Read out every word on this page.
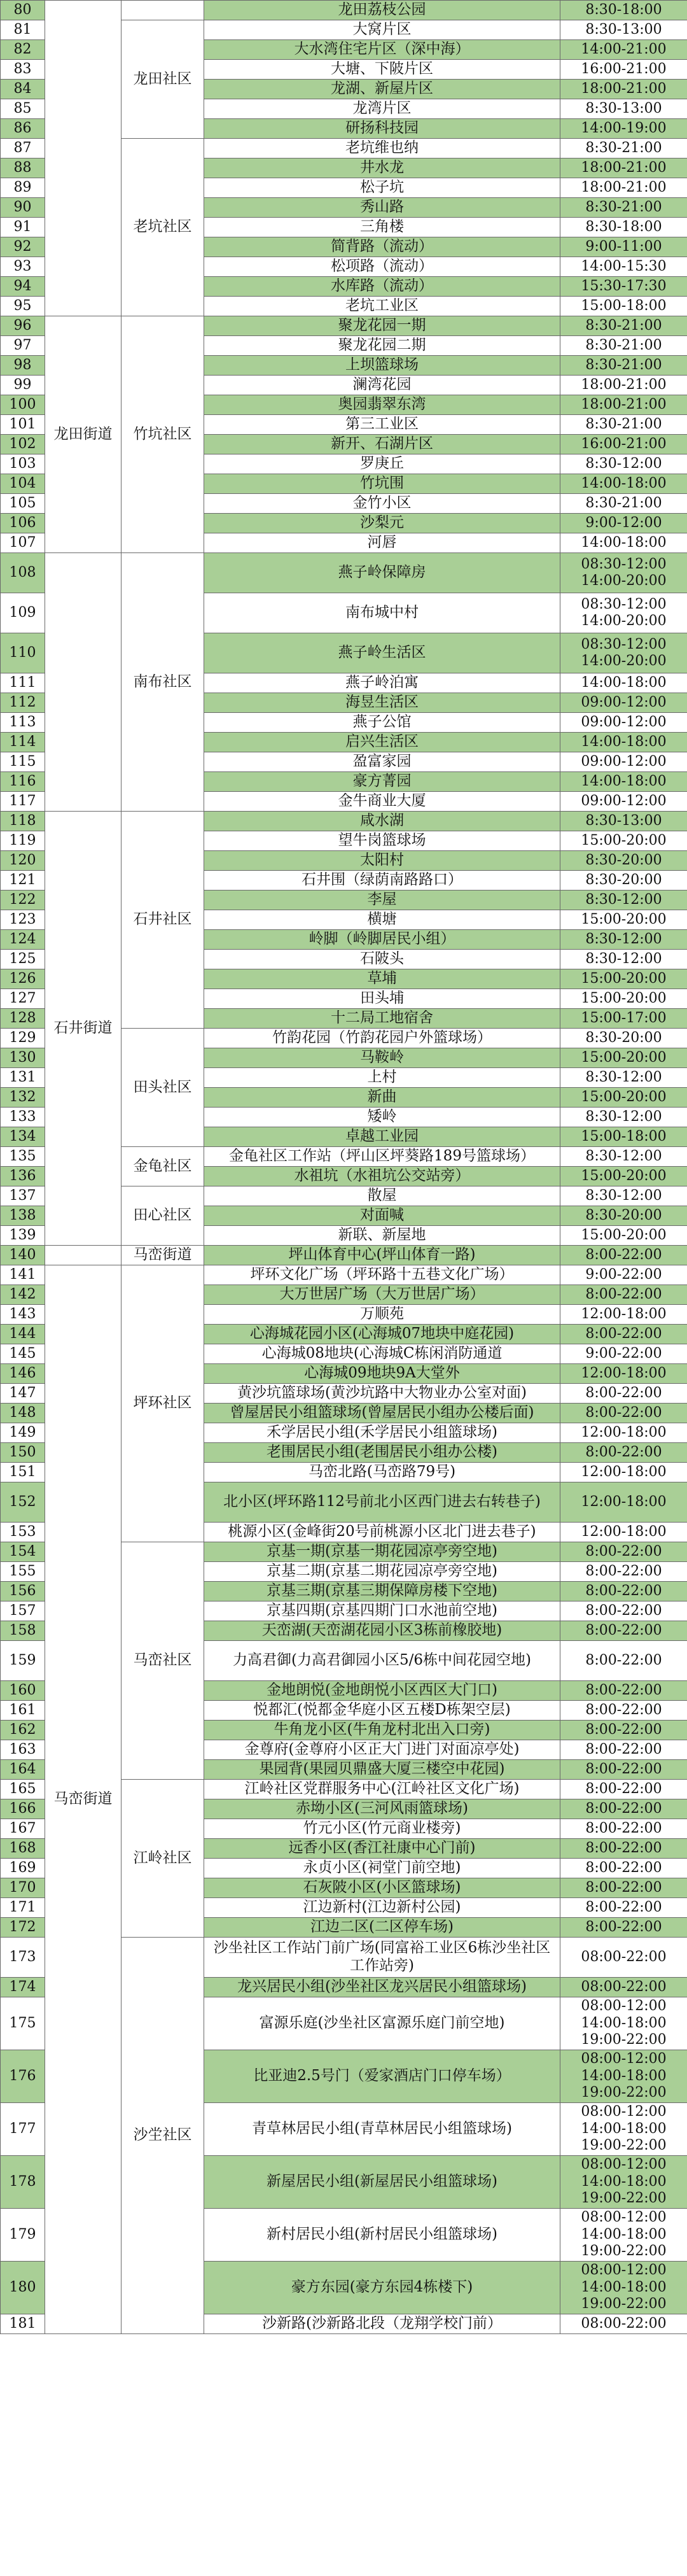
80			龙田荔枝公园	8:30-18:00
81		龙田社区	大窝片区	8:30-13:00
82			大水湾住宅片区（深中海）	14:00-21:00
83			大塘、下陂片区	16:00-21:00
84			龙湖、新屋片区	18:00-21:00
85			龙湾片区	8:30-13:00
86			研扬科技园	14:00-19:00
87		老坑社区	老坑维也纳	8:30-21:00
88			井水龙	18:00-21:00
89			松子坑	18:00-21:00
90			秀山路	8:30-21:00
91			三角楼	8:30-18:00
92			简背路（流动）	9:00-11:00
93			松项路（流动）	14:00-15:30
94			水库路（流动）	15:30-17:30
95			老坑工业区	15:00-18:00
96	龙田街道	竹坑社区	聚龙花园一期	8:30-21:00
97			聚龙花园二期	8:30-21:00
98			上坝篮球场	8:30-21:00
99			澜湾花园	18:00-21:00
100			奥园翡翠东湾	18:00-21:00
101			第三工业区	8:30-21:00
102			新开、石湖片区	16:00-21:00
103			罗庚丘	8:30-12:00
104			竹坑围	14:00-18:00
105			金竹小区	8:30-21:00
106			沙梨元	9:00-12:00
107			河唇	14:00-18:00
108		南布社区	燕子岭保障房	08:30-12:00
14:00-20:00
109			南布城中村	08:30-12:00
14:00-20:00
110			燕子岭生活区	08:30-12:00
14:00-20:00
111			燕子岭泊寓	14:00-18:00
112			海昱生活区	09:00-12:00
113			燕子公馆	09:00-12:00
114			启兴生活区	14:00-18:00
115			盈富家园	09:00-12:00
116			豪方菁园	14:00-18:00
117			金牛商业大厦	09:00-12:00
118	石井街道	石井社区	咸水湖	8:30-13:00
119			望牛岗篮球场	15:00-20:00
120			太阳村	8:30-20:00
121			石井围（绿荫南路路口）	8:30-20:00
122			李屋	8:30-12:00
123			横塘	15:00-20:00
124			岭脚（岭脚居民小组）	8:30-12:00
125			石陂头	8:30-12:00
126			草埔	15:00-20:00
127			田头埔	15:00-20:00
128			十二局工地宿舍	15:00-17:00
129		田头社区	竹韵花园（竹韵花园户外篮球场）	8:30-20:00
130			马鞍岭	15:00-20:00
131			上村	8:30-12:00
132			新曲	15:00-20:00
133			矮岭	8:30-12:00
134			卓越工业园	15:00-18:00
135		金龟社区	金龟社区工作站（坪山区坪葵路189号篮球场）	8:30-12:00
136			水祖坑（水祖坑公交站旁）	15:00-20:00
137		田心社区	散屋	8:30-12:00
138			对面喊	8:30-20:00
139			新联、新屋地	15:00-20:00
140		马峦街道	坪山体育中心(坪山体育一路)	8:00-22:00
141	马峦街道	坪环社区	坪环文化广场（坪环路十五巷文化广场）	9:00-22:00
142			大万世居广场（大万世居广场）	8:00-22:00
143			万顺苑	12:00-18:00
144			心海城花园小区(心海城07地块中庭花园)	8:00-22:00
145			心海城08地块(心海城C栋闲消防通道	9:00-22:00
146			心海城09地块9A大堂外	12:00-18:00
147			黄沙坑篮球场(黄沙坑路中大物业办公室对面)	8:00-22:00
148			曾屋居民小组篮球场(曾屋居民小组办公楼后面)	8:00-22:00
149			禾学居民小组(禾学居民小组篮球场)	12:00-18:00
150			老围居民小组(老围居民小组办公楼)	8:00-22:00
151			马峦北路(马峦路79号)	12:00-18:00
152			北小区(坪环路112号前北小区西门进去右转巷子)	12:00-18:00
153			桃源小区(金峰街20号前桃源小区北门进去巷子)	12:00-18:00
154		马峦社区	京基一期(京基一期花园凉亭旁空地)	8:00-22:00
155			京基二期(京基二期花园凉亭旁空地)	8:00-22:00
156			京基三期(京基三期保障房楼下空地)	8:00-22:00
157			京基四期(京基四期门口水池前空地)	8:00-22:00
158			天峦湖(天峦湖花园小区3栋前橡胶地)	8:00-22:00
159			力高君御(力高君御园小区5/6栋中间花园空地)	8:00-22:00
160			金地朗悦(金地朗悦小区西区大门口)	8:00-22:00
161			悦都汇(悦都金华庭小区五楼D栋架空层)	8:00-22:00
162			牛角龙小区(牛角龙村北出入口旁)	8:00-22:00
163			金尊府(金尊府小区正大门进门对面凉亭处)	8:00-22:00
164			果园背(果园贝鼎盛大厦三楼空中花园)	8:00-22:00
165		江岭社区	江岭社区党群服务中心(江岭社区文化广场)	8:00-22:00
166			赤坳小区(三河风雨篮球场)	8:00-22:00
167			竹元小区(竹元商业楼旁)	8:00-22:00
168			远香小区(香江社康中心门前)	8:00-22:00
169			永贞小区(祠堂门前空地)	8:00-22:00
170			石灰陂小区(小区篮球场)	8:00-22:00
171			江边新村(江边新村公园)	8:00-22:00
172			江边二区(二区停车场)	8:00-22:00
173		沙坣社区	沙坐社区工作站门前广场(同富裕工业区6栋沙坐社区工作站旁)	08:00-22:00
174			龙兴居民小组(沙坐社区龙兴居民小组篮球场)	08:00-22:00
175			富源乐庭(沙坐社区富源乐庭门前空地)	08:00-12:00
14:00-18:00
19:00-22:00
176			比亚迪2.5号门（爱家酒店门口停车场）	08:00-12:00
14:00-18:00
19:00-22:00
177			青草林居民小组(青草林居民小组篮球场)	08:00-12:00
14:00-18:00
19:00-22:00
178			新屋居民小组(新屋居民小组篮球场)	08:00-12:00
14:00-18:00
19:00-22:00
179			新村居民小组(新村居民小组篮球场)	08:00-12:00
14:00-18:00
19:00-22:00
180			豪方东园(豪方东园4栋楼下)	08:00-12:00
14:00-18:00
19:00-22:00
181			沙新路(沙新路北段（龙翔学校门前）	08:00-22:00
